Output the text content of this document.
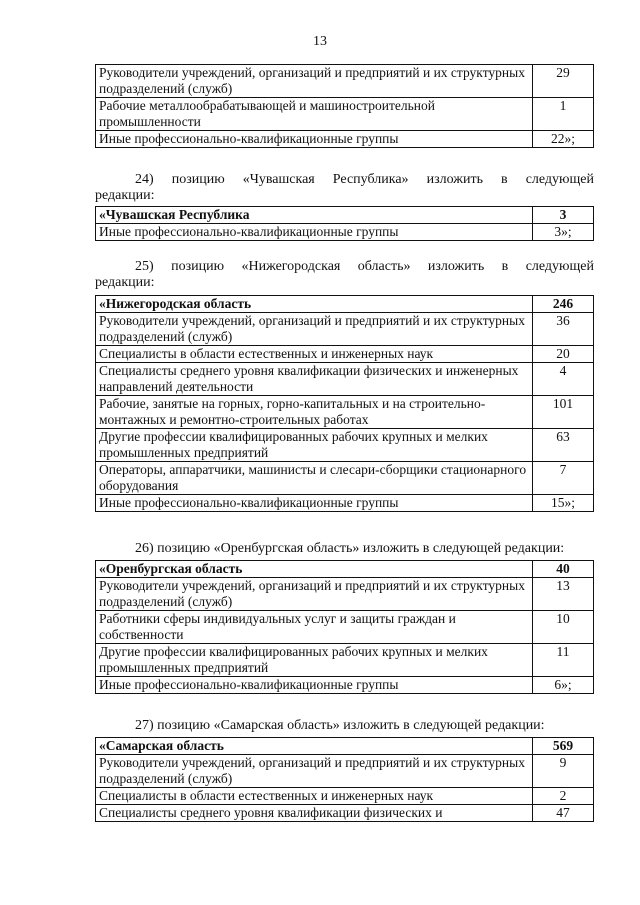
13
Руководители учреждений, организаций и предприятий и их структурных подразделений (служб)	29
Рабочие металлообрабатывающей и машиностроительной промышленности	1
Иные профессионально-квалификационные группы	22»;
24) позицию «Чувашская Республика» изложить в следующей
редакции:
«Чувашская Республика	3
Иные профессионально-квалификационные группы	3»;
25) позицию «Нижегородская область» изложить в следующей
редакции:
«Нижегородская область	246
Руководители учреждений, организаций и предприятий и их структурных подразделений (служб)	36
Специалисты в области естественных и инженерных наук	20
Специалисты среднего уровня квалификации физических и инженерных направлений деятельности	4
Рабочие, занятые на горных, горно-капитальных и на строительно-монтажных и ремонтно-строительных работах	101
Другие профессии квалифицированных рабочих крупных и мелких промышленных предприятий	63
Операторы, аппаратчики, машинисты и слесари-сборщики стационарного оборудования	7
Иные профессионально-квалификационные группы	15»;
26) позицию «Оренбургская область» изложить в следующей редакции:
«Оренбургская область	40
Руководители учреждений, организаций и предприятий и их структурных подразделений (служб)	13
Работники сферы индивидуальных услуг и защиты граждан и собственности	10
Другие профессии квалифицированных рабочих крупных и мелких промышленных предприятий	11
Иные профессионально-квалификационные группы	6»;
27) позицию «Самарская область» изложить в следующей редакции:
«Самарская область	569
Руководители учреждений, организаций и предприятий и их структурных подразделений (служб)	9
Специалисты в области естественных и инженерных наук	2
Специалисты среднего уровня квалификации физических и	47
